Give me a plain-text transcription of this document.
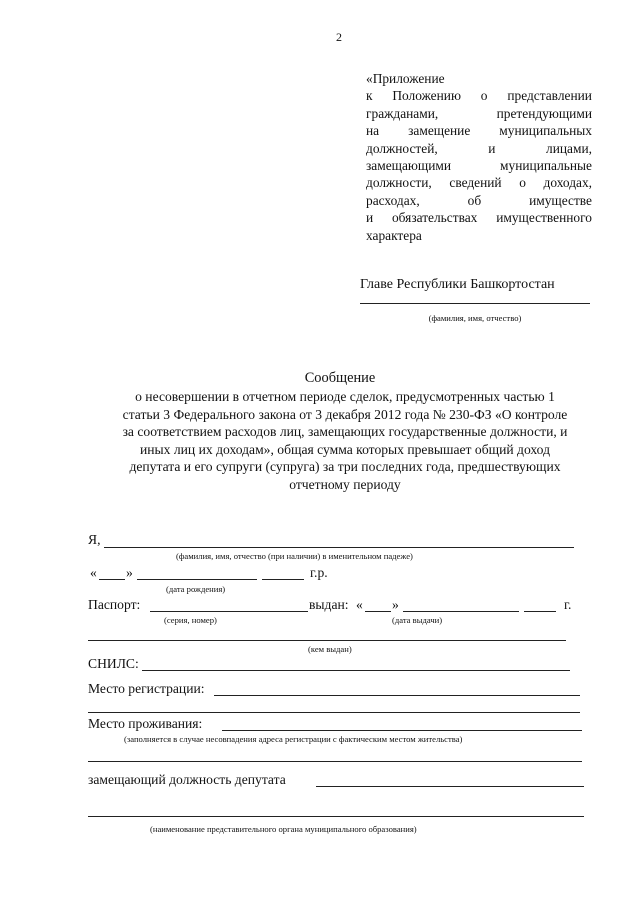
2
«Приложение
к Положению о представлении
гражданами,	претендующими
на замещение муниципальных
должностей,	и	лицами,
замещающими	муниципальные
должности, сведений о доходах,
расходах,	об	имуществе
и обязательствах имущественного
характера
Главе Республики Башкортостан
(фамилия, имя, отчество)
Сообщение
о несовершении в отчетном периоде сделок, предусмотренных частью 1
статьи 3 Федерального закона от 3 декабря 2012 года № 230-ФЗ «О контроле
за соответствием расходов лиц, замещающих государственные должности, и
иных лиц их доходам», общая сумма которых превышает общий доход
депутата и его супруги (супруга) за три последних года, предшествующих
отчетному периоду
Я,
(фамилия, имя, отчество (при наличии) в именительном падеже)
« »	г.р.
(дата рождения)
Паспорт:	выдан: « »	г.
(серия, номер)	(дата выдачи)
(кем выдан)
СНИЛС:
Место регистрации:
Место проживания:
(заполняется в случае несовпадения адреса регистрации с фактическим местом жительства)
замещающий должность депутата
(наименование представительного органа муниципального образования)
